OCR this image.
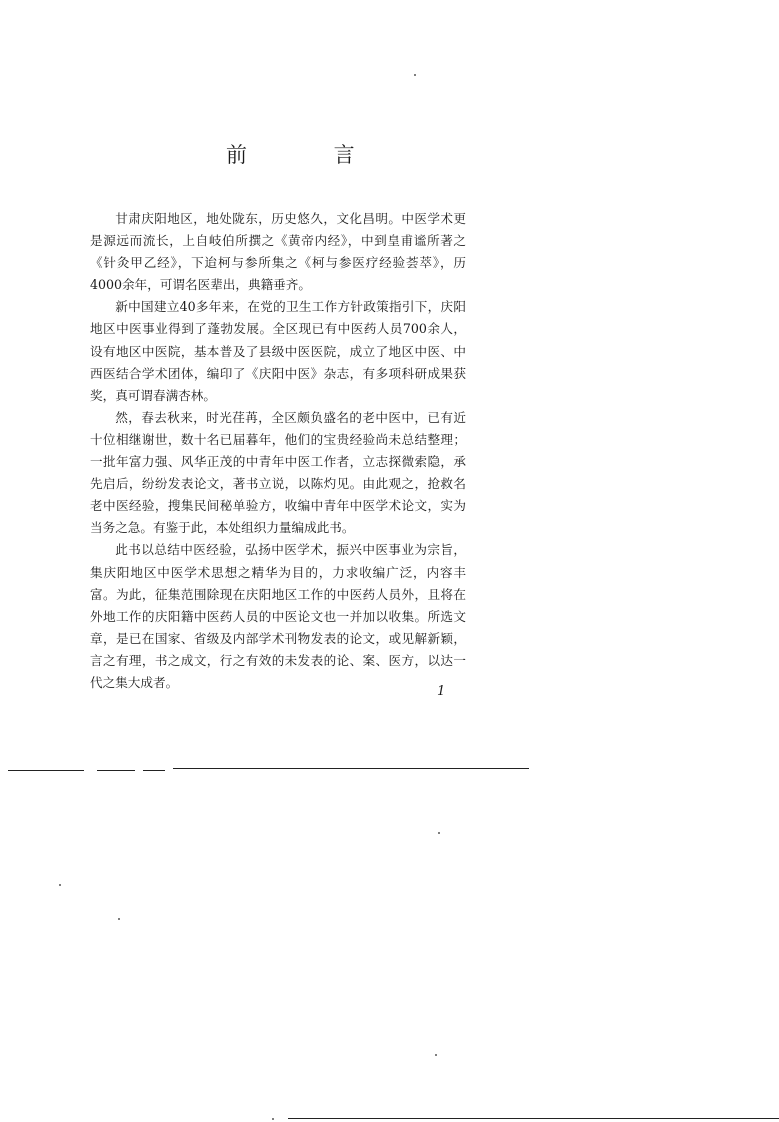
前 言

甘肃庆阳地区，地处陇东，历史悠久，文化昌明。中医学术更是源远而流长，上自岐伯所撰之《黄帝内经》，中到皇甫谧所著之《针灸甲乙经》，下迨柯与参所集之《柯与参医疗经验荟萃》，历4000余年，可谓名医辈出，典籍垂齐。

新中国建立40多年来，在党的卫生工作方针政策指引下，庆阳地区中医事业得到了蓬勃发展。全区现已有中医药人员700余人，设有地区中医院，基本普及了县级中医医院，成立了地区中医、中西医结合学术团体，编印了《庆阳中医》杂志，有多项科研成果获奖，真可谓春满杏林。

然，春去秋来，时光荏苒，全区颇负盛名的老中医中，已有近十位相继谢世，数十名已届暮年，他们的宝贵经验尚未总结整理；一批年富力强、风华正茂的中青年中医工作者，立志探微索隐，承先启后，纷纷发表论文，著书立说，以陈灼见。由此观之，抢救名老中医经验，搜集民间秘单验方，收编中青年中医学术论文，实为当务之急。有鉴于此，本处组织力量编成此书。

此书以总结中医经验，弘扬中医学术，振兴中医事业为宗旨，集庆阳地区中医学术思想之精华为目的，力求收编广泛，内容丰富。为此，征集范围除现在庆阳地区工作的中医药人员外，且将在外地工作的庆阳籍中医药人员的中医论文也一并加以收集。所选文章，是已在国家、省级及内部学术刊物发表的论文，或见解新颖，言之有理，书之成文，行之有效的未发表的论、案、医方，以达一代之集大成者。

1
